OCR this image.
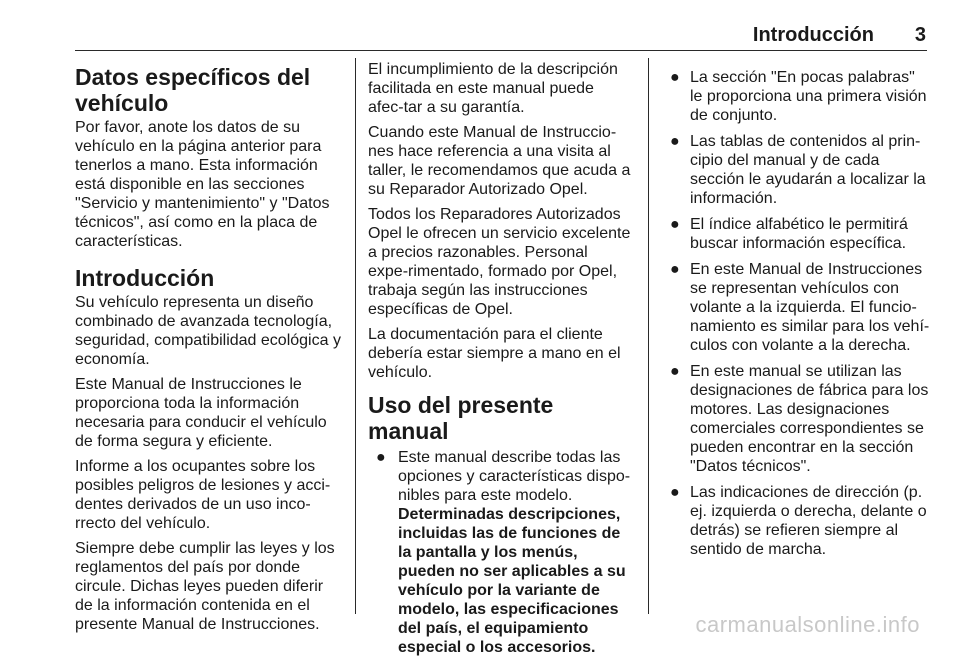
Introducción 3
Datos específicos del vehículo

Por favor, anote los datos de su vehículo en la página anterior para tenerlos a mano. Esta información está disponible en las secciones "Servicio y mantenimiento" y "Datos técnicos", así como en la placa de características.

Introducción

Su vehículo representa un diseño combinado de avanzada tecnología, seguridad, compatibilidad ecológica y economía.

Este Manual de Instrucciones le proporciona toda la información necesaria para conducir el vehículo de forma segura y eficiente.

Informe a los ocupantes sobre los posibles peligros de lesiones y acci-dentes derivados de un uso inco-rrecto del vehículo.

Siempre debe cumplir las leyes y los reglamentos del país por donde circule. Dichas leyes pueden diferir de la información contenida en el presente Manual de Instrucciones.

El incumplimiento de la descripción facilitada en este manual puede afec-tar a su garantía.

Cuando este Manual de Instruccio-nes hace referencia a una visita al taller, le recomendamos que acuda a su Reparador Autorizado Opel.

Todos los Reparadores Autorizados Opel le ofrecen un servicio excelente a precios razonables. Personal expe-rimentado, formado por Opel, trabaja según las instrucciones específicas de Opel.

La documentación para el cliente debería estar siempre a mano en el vehículo.

Uso del presente manual
● Este manual describe todas las opciones y características dispo-nibles para este modelo.
Determinadas descripciones, incluidas las de funciones de la pantalla y los menús, pueden no ser aplicables a su vehículo por la variante de modelo, las especificaciones del país, el equipamiento especial o los accesorios.
● La sección "En pocas palabras" le proporciona una primera visión de conjunto.
● Las tablas de contenidos al prin-cipio del manual y de cada sección le ayudarán a localizar la información.
● El índice alfabético le permitirá buscar información específica.
● En este Manual de Instrucciones se representan vehículos con volante a la izquierda. El funcio-namiento es similar para los vehí-culos con volante a la derecha.
● En este manual se utilizan las designaciones de fábrica para los motores. Las designaciones comerciales correspondientes se pueden encontrar en la sección "Datos técnicos".
● Las indicaciones de dirección (p. ej. izquierda o derecha, delante o detrás) se refieren siempre al sentido de marcha.
carmanualsonline.info
